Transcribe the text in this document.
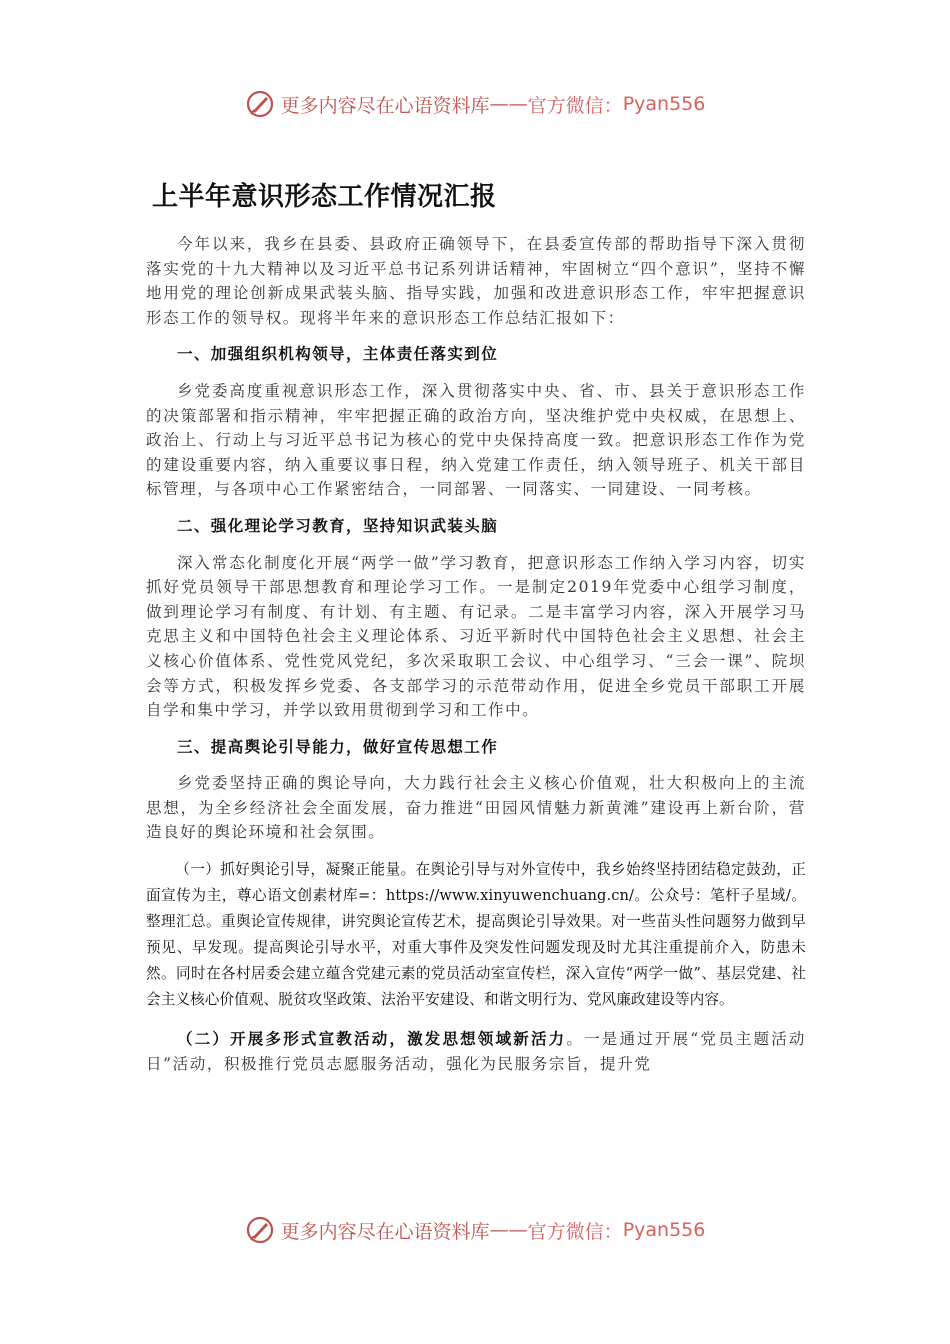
更多内容尽在心语资料库 —— 官方微信： Pyan556
上半年意识形态工作情况汇报

今年以来，我乡在县委、县政府正确领导下，在县委宣传部的帮助指导下深入贯彻落实党的十九大精神以及习近平总书记系列讲话精神，牢固树立“四个意识”，坚持不懈地用党的理论创新成果武装头脑、指导实践，加强和改进意识形态工作，牢牢把握意识形态工作的领导权。现将半年来的意识形态工作总结汇报如下：

一、加强组织机构领导，主体责任落实到位

乡党委高度重视意识形态工作，深入贯彻落实中央、省、市、县关于意识形态工作的决策部署和指示精神，牢牢把握正确的政治方向，坚决维护党中央权威，在思想上、政治上、行动上与习近平总书记为核心的党中央保持高度一致。把意识形态工作作为党的建设重要内容，纳入重要议事日程，纳入党建工作责任，纳入领导班子、机关干部目标管理，与各项中心工作紧密结合，一同部署、一同落实、一同建设、一同考核。

二、强化理论学习教育，坚持知识武装头脑

深入常态化制度化开展“两学一做”学习教育，把意识形态工作纳入学习内容，切实抓好党员领导干部思想教育和理论学习工作。一是制定2019年党委中心组学习制度，做到理论学习有制度、有计划、有主题、有记录。二是丰富学习内容，深入开展学习马克思主义和中国特色社会主义理论体系、习近平新时代中国特色社会主义思想、社会主义核心价值体系、党性党风党纪，多次采取职工会议、中心组学习、“三会一课”、院坝会等方式，积极发挥乡党委、各支部学习的示范带动作用，促进全乡党员干部职工开展自学和集中学习，并学以致用贯彻到学习和工作中。

三、提高舆论引导能力，做好宣传思想工作

乡党委坚持正确的舆论导向，大力践行社会主义核心价值观，壮大积极向上的主流思想，为全乡经济社会全面发展，奋力推进“田园风情魅力新黄滩”建设再上新台阶，营造良好的舆论环境和社会氛围。

（一）抓好舆论引导，凝聚正能量。在舆论引导与对外宣传中，我乡始终坚持团结稳定鼓劲，正面宣传为主，尊心语文创素材库=：https://www.xinyuwenchuang.cn/。公众号：笔杆子星域/。整理汇总。重舆论宣传规律，讲究舆论宣传艺术，提高舆论引导效果。对一些苗头性问题努力做到早预见、早发现。提高舆论引导水平，对重大事件及突发性问题发现及时尤其注重提前介入，防患未然。同时在各村居委会建立蕴含党建元素的党员活动室宣传栏，深入宣传“两学一做”、基层党建、社会主义核心价值观、脱贫攻坚政策、法治平安建设、和谐文明行为、党风廉政建设等内容。

（二）开展多形式宣教活动，激发思想领域新活力。一是通过开展“党员主题活动日”活动，积极推行党员志愿服务活动，强化为民服务宗旨，提升党

更多内容尽在心语资料库 —— 官方微信： Pyan556
